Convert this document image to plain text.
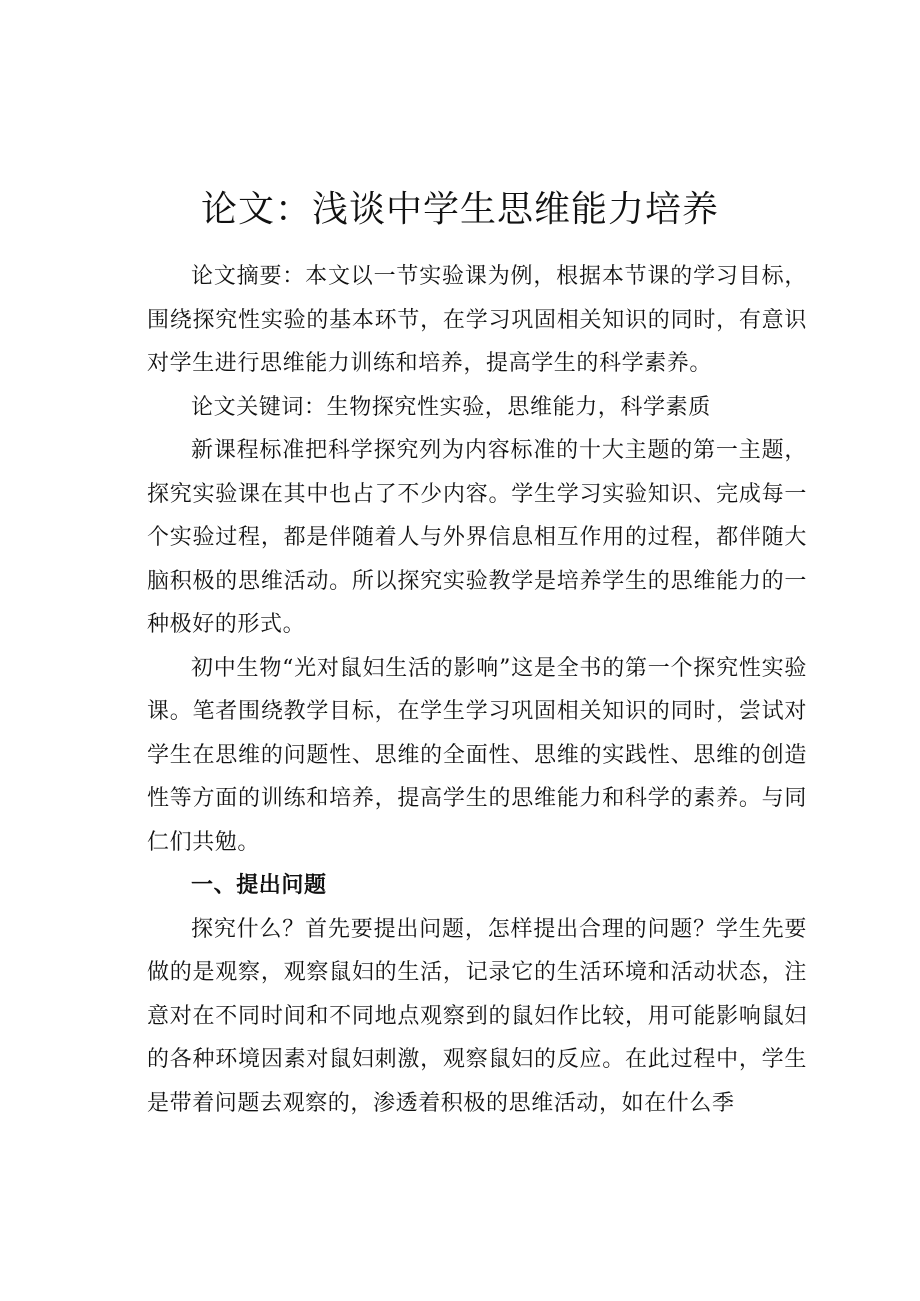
论文：浅谈中学生思维能力培养

论文摘要：本文以一节实验课为例，根据本节课的学习目标，围绕探究性实验的基本环节，在学习巩固相关知识的同时，有意识对学生进行思维能力训练和培养，提高学生的科学素养。

论文关键词：生物探究性实验，思维能力，科学素质

新课程标准把科学探究列为内容标准的十大主题的第一主题，探究实验课在其中也占了不少内容。学生学习实验知识、完成每一个实验过程，都是伴随着人与外界信息相互作用的过程，都伴随大脑积极的思维活动。所以探究实验教学是培养学生的思维能力的一种极好的形式。

初中生物“光对鼠妇生活的影响”这是全书的第一个探究性实验课。笔者围绕教学目标，在学生学习巩固相关知识的同时，尝试对学生在思维的问题性、思维的全面性、思维的实践性、思维的创造性等方面的训练和培养，提高学生的思维能力和科学的素养。与同仁们共勉。

一、提出问题

探究什么？首先要提出问题，怎样提出合理的问题？学生先要做的是观察，观察鼠妇的生活，记录它的生活环境和活动状态，注意对在不同时间和不同地点观察到的鼠妇作比较，用可能影响鼠妇的各种环境因素对鼠妇刺激，观察鼠妇的反应。在此过程中，学生是带着问题去观察的，渗透着积极的思维活动，如在什么季
